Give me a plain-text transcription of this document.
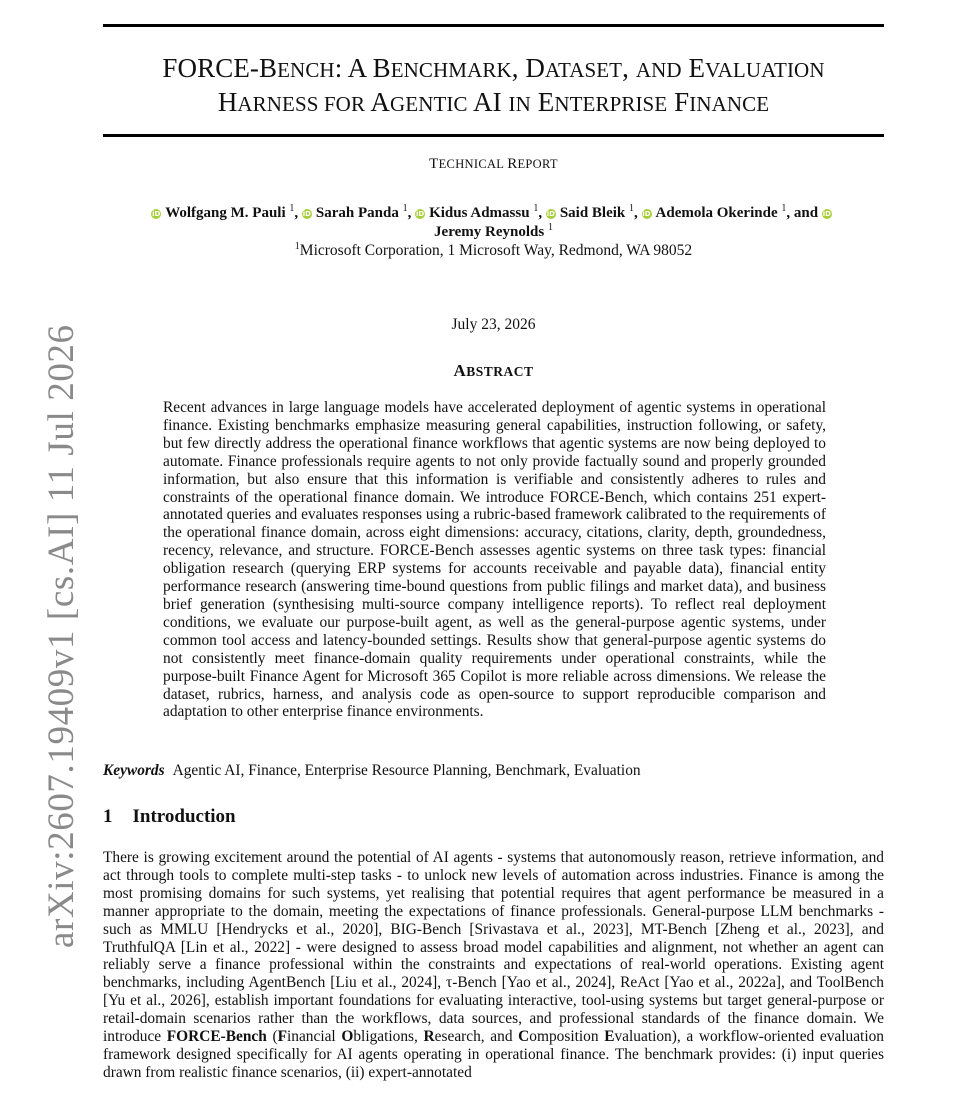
FORCE-BENCH: A BENCHMARK, DATASET, AND EVALUATION
HARNESS FOR AGENTIC AI IN ENTERPRISE FINANCE
TECHNICAL REPORT
iD Wolfgang M. Pauli $^1$, iD Sarah Panda $^1$, iD Kidus Admassu $^1$, iD Said Bleik $^1$, iD Ademola Okerinde $^1$, and iD
Jeremy Reynolds $^1$
$^1$Microsoft Corporation, 1 Microsoft Way, Redmond, WA 98052
July 23, 2026
ABSTRACT
Recent advances in large language models have accelerated deployment of agentic systems in operational finance. Existing benchmarks emphasize measuring general capabilities, instruction following, or safety, but few directly address the operational finance workflows that agentic systems are now being deployed to automate. Finance professionals require agents to not only provide factually sound and properly grounded information, but also ensure that this information is verifiable and consistently adheres to rules and constraints of the operational finance domain. We introduce FORCE-Bench, which contains 251 expert-annotated queries and evaluates responses using a rubric-based framework calibrated to the requirements of the operational finance domain, across eight dimensions: accuracy, citations, clarity, depth, groundedness, recency, relevance, and structure. FORCE-Bench assesses agentic systems on three task types: financial obligation research (querying ERP systems for accounts receivable and payable data), financial entity performance research (answering time-bound questions from public filings and market data), and business brief generation (synthesising multi-source company intelligence reports). To reflect real deployment conditions, we evaluate our purpose-built agent, as well as the general-purpose agentic systems, under common tool access and latency-bounded settings. Results show that general-purpose agentic systems do not consistently meet finance-domain quality requirements under operational constraints, while the purpose-built Finance Agent for Microsoft 365 Copilot is more reliable across dimensions. We release the dataset, rubrics, harness, and analysis code as open-source to support reproducible comparison and adaptation to other enterprise finance environments.
Keywords Agentic AI, Finance, Enterprise Resource Planning, Benchmark, Evaluation
1 Introduction
There is growing excitement around the potential of AI agents - systems that autonomously reason, retrieve information, and act through tools to complete multi-step tasks - to unlock new levels of automation across industries. Finance is among the most promising domains for such systems, yet realising that potential requires that agent performance be measured in a manner appropriate to the domain, meeting the expectations of finance professionals. General-purpose LLM benchmarks - such as MMLU [Hendrycks et al., 2020], BIG-Bench [Srivastava et al., 2023], MT-Bench [Zheng et al., 2023], and TruthfulQA [Lin et al., 2022] - were designed to assess broad model capabilities and alignment, not whether an agent can reliably serve a finance professional within the constraints and expectations of real-world operations. Existing agent benchmarks, including AgentBench [Liu et al., 2024], τ-Bench [Yao et al., 2024], ReAct [Yao et al., 2022a], and ToolBench [Yu et al., 2026], establish important foundations for evaluating interactive, tool-using systems but target general-purpose or retail-domain scenarios rather than the workflows, data sources, and professional standards of the finance domain. We introduce FORCE-Bench (Financial Obligations, Research, and Composition Evaluation), a workflow-oriented evaluation framework designed specifically for AI agents operating in operational finance. The benchmark provides: (i) input queries drawn from realistic finance scenarios, (ii) expert-annotated
arXiv:2607.19409v1 [cs.AI] 11 Jul 2026
